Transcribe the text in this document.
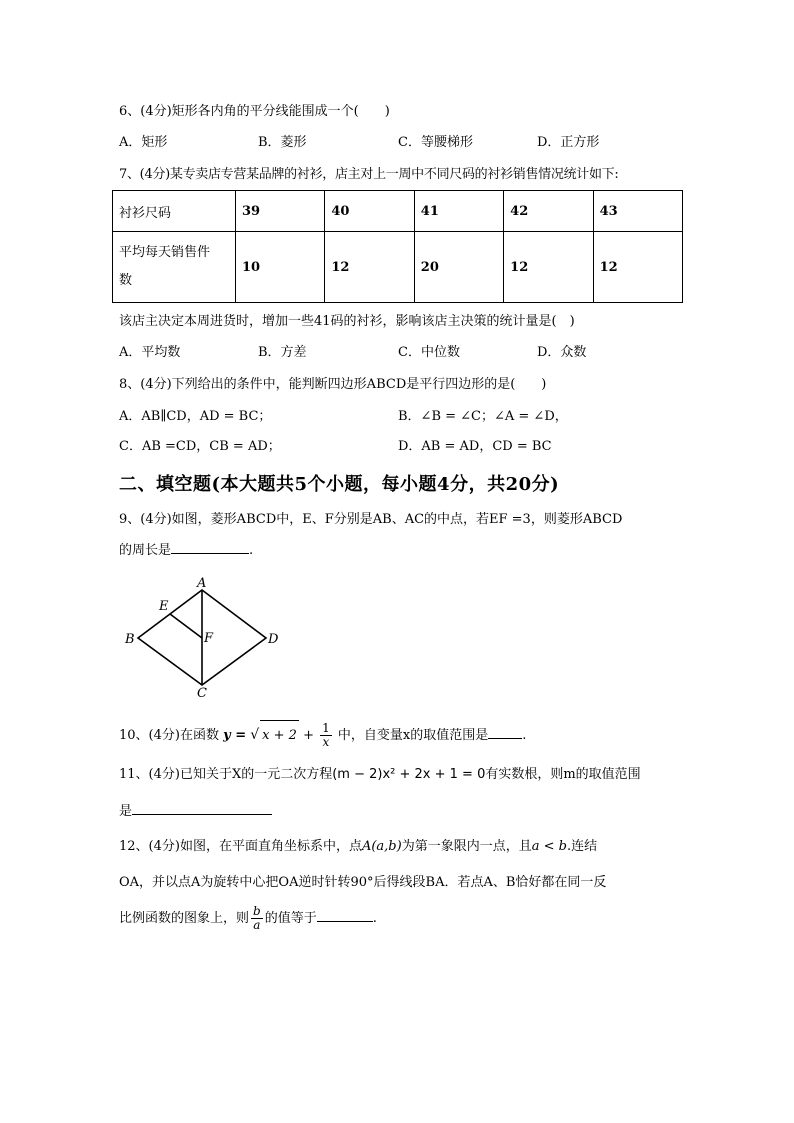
6、(4分)矩形各内角的平分线能围成一个(　　)
A．矩形	B．菱形	C．等腰梯形	D．正方形
7、(4分)某专卖店专营某品牌的衬衫，店主对上一周中不同尺码的衬衫销售情况统计如下:
衬衫尺码	39	40	41	42	43

平均每天销售件
数	10	12	20	12	12
该店主决定本周进货时，增加一些41码的衬衫，影响该店主决策的统计量是(　)
A．平均数	B．方差	C．中位数	D．众数
8、(4分)下列给出的条件中，能判断四边形ABCD是平行四边形的是(　　)
A．AB∥CD，AD = BC；	B．∠B = ∠C；∠A = ∠D，
C．AB =CD，CB = AD；	D．AB = AD，CD = BC
二、填空题(本大题共5个小题，每小题4分，共20分)
9、(4分)如图，菱形ABCD中，E、F分别是AB、AC的中点，若EF =3，则菱形ABCD
的周长是	.
A
B
C
D
E
F
10、(4分)在函数 y = √ $x + 2 + \frac{1}{x}$ 中，自变量x的取值范围是	.
11、(4分)已知关于X的一元二次方程(m − 2)x² + 2x + 1 = 0有实数根，则m的取值范围
是
12、(4分)如图，在平面直角坐标系中，点A(a,b)为第一象限内一点，且a < b.连结
OA，并以点A为旋转中心把OA逆时针转90°后得线段BA．若点A、B恰好都在同一反
比例函数的图象上，则 $\frac{b}{a}$ 的值等于	.
